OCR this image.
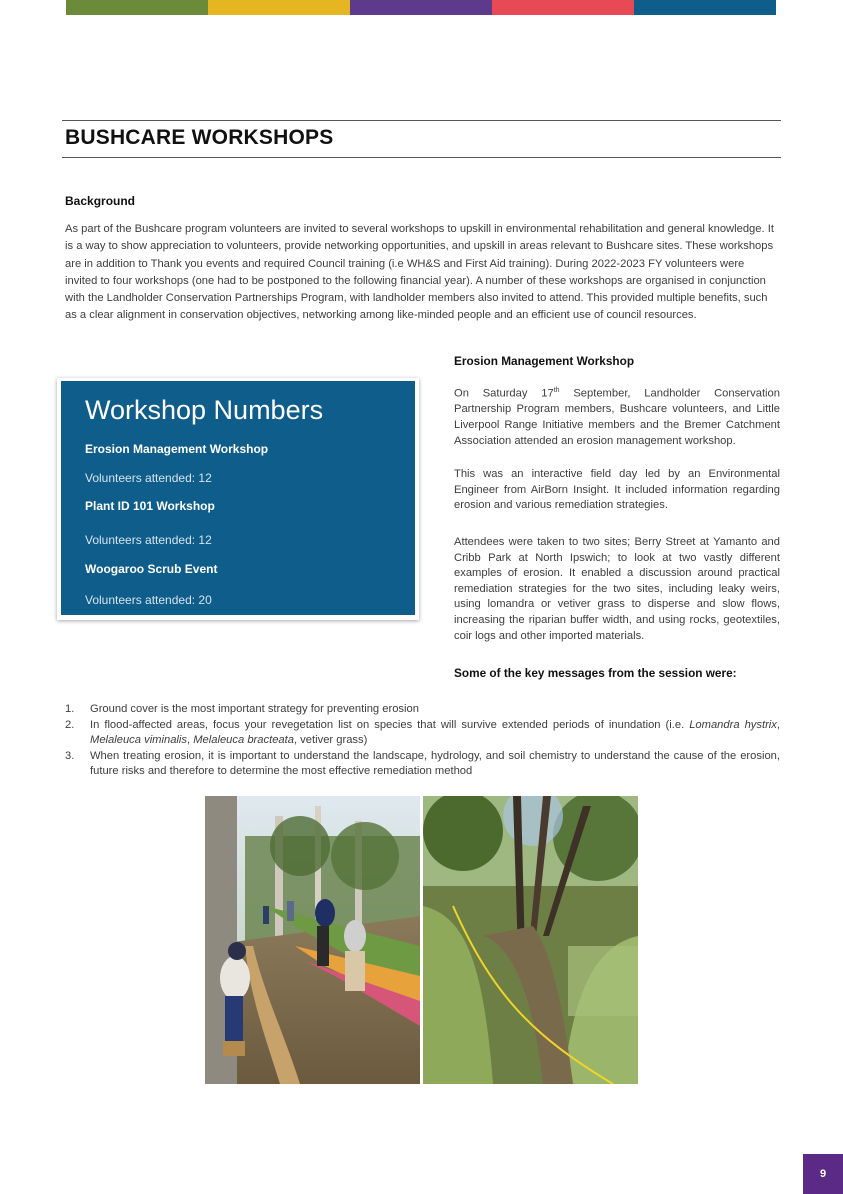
BUSHCARE WORKSHOPS
Background

As part of the Bushcare program volunteers are invited to several workshops to upskill in environmental rehabilitation and general knowledge. It is a way to show appreciation to volunteers, provide networking opportunities, and upskill in areas relevant to Bushcare sites. These workshops are in addition to Thank you events and required Council training (i.e WH&S and First Aid training). During 2022-2023 FY volunteers were invited to four workshops (one had to be postponed to the following financial year). A number of these workshops are organised in conjunction with the Landholder Conservation Partnerships Program, with landholder members also invited to attend. This provided multiple benefits, such as a clear alignment in conservation objectives, networking among like-minded people and an efficient use of council resources.

Workshop Numbers
Erosion Management Workshop
Volunteers attended: 12
Plant ID 101 Workshop
Volunteers attended: 12
Woogaroo Scrub Event
Volunteers attended: 20
Erosion Management Workshop

On Saturday 17th September, Landholder Conservation Partnership Program members, Bushcare volunteers, and Little Liverpool Range Initiative members and the Bremer Catchment Association attended an erosion management workshop.

This was an interactive field day led by an Environmental Engineer from AirBorn Insight. It included information regarding erosion and various remediation strategies.

Attendees were taken to two sites; Berry Street at Yamanto and Cribb Park at North Ipswich; to look at two vastly different examples of erosion. It enabled a discussion around practical remediation strategies for the two sites, including leaky weirs, using lomandra or vetiver grass to disperse and slow flows, increasing the riparian buffer width, and using rocks, geotextiles, coir logs and other imported materials.

Some of the key messages from the session were:
1. Ground cover is the most important strategy for preventing erosion
2. In flood-affected areas, focus your revegetation list on species that will survive extended periods of inundation (i.e. Lomandra hystrix, Melaleuca viminalis, Melaleuca bracteata, vetiver grass)
3. When treating erosion, it is important to understand the landscape, hydrology, and soil chemistry to understand the cause of the erosion, future risks and therefore to determine the most effective remediation method
9
